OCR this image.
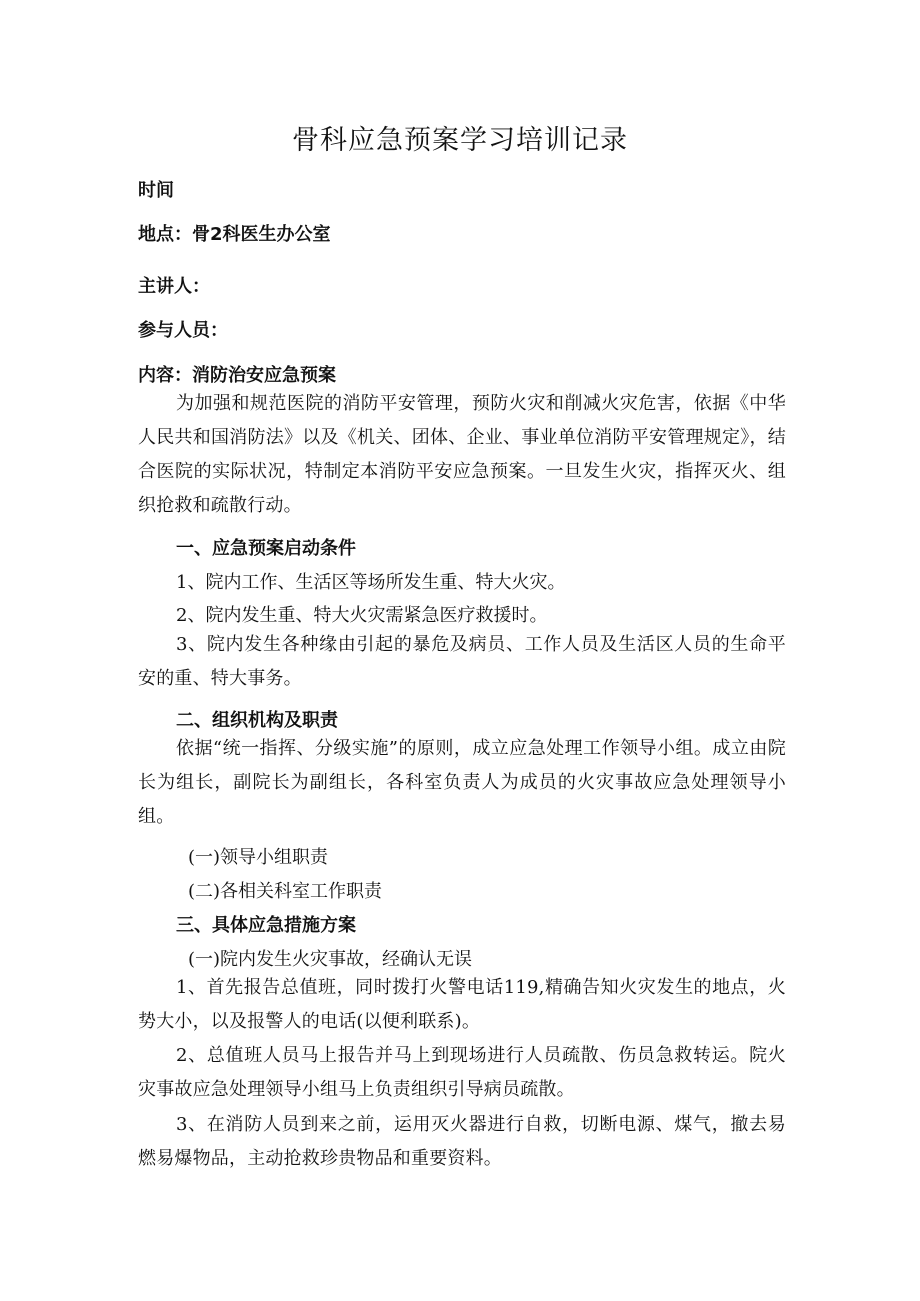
骨科应急预案学习培训记录
时间
地点：骨2科医生办公室
主讲人：
参与人员：
内容：消防治安应急预案
为加强和规范医院的消防平安管理，预防火灾和削减火灾危害，依据《中华人民共和国消防法》以及《机关、团体、企业、事业单位消防平安管理规定》，结合医院的实际状况，特制定本消防平安应急预案。一旦发生火灾，指挥灭火、组织抢救和疏散行动。
一、应急预案启动条件
1、院内工作、生活区等场所发生重、特大火灾。
2、院内发生重、特大火灾需紧急医疗救援时。
3、院内发生各种缘由引起的暴危及病员、工作人员及生活区人员的生命平安的重、特大事务。
二、组织机构及职责
依据“统一指挥、分级实施”的原则，成立应急处理工作领导小组。成立由院长为组长，副院长为副组长，各科室负责人为成员的火灾事故应急处理领导小组。
(一)领导小组职责
(二)各相关科室工作职责
三、具体应急措施方案
(一)院内发生火灾事故，经确认无误
1、首先报告总值班，同时拨打火警电话119,精确告知火灾发生的地点，火势大小，以及报警人的电话(以便利联系)。
2、总值班人员马上报告并马上到现场进行人员疏散、伤员急救转运。院火灾事故应急处理领导小组马上负责组织引导病员疏散。
3、在消防人员到来之前，运用灭火器进行自救，切断电源、煤气，撤去易燃易爆物品，主动抢救珍贵物品和重要资料。
